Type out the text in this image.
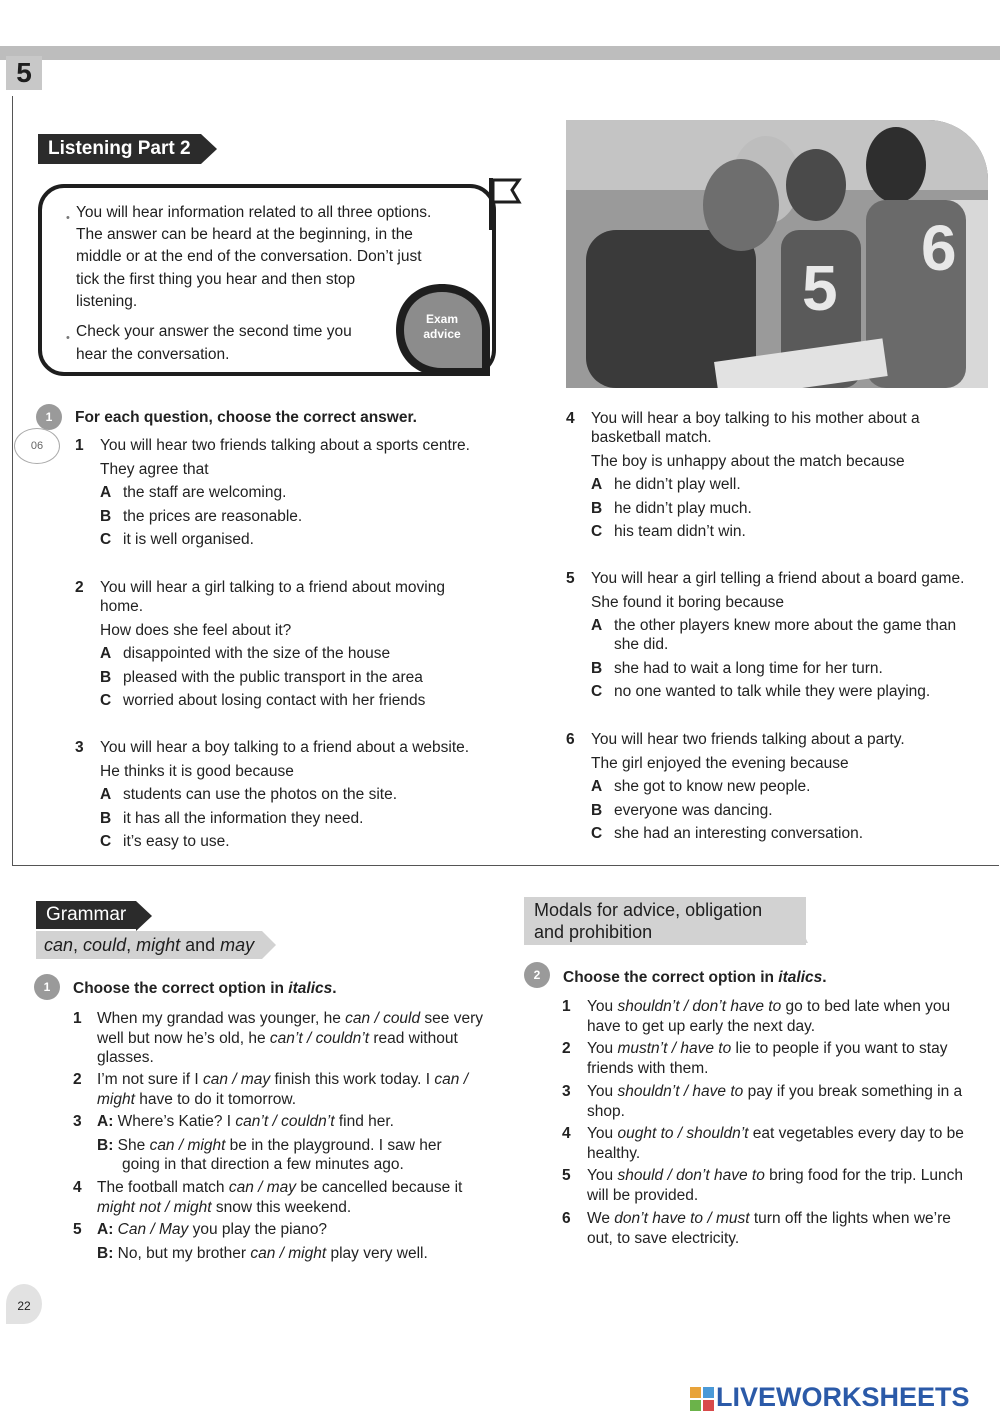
5
Listening Part 2
• You will hear information related to all three options.

The answer can be heard at the beginning, in the

middle or at the end of the conversation. Don’t just

tick the first thing you hear and then stop

listening.

• Check your answer the second time you

hear the conversation.

Exam
advice
5
6
1
06
For each question, choose the correct answer.
1 You will hear two friends talking about a sports centre.
They agree that
A the staff are welcoming.
B the prices are reasonable.
C it is well organised.
2 You will hear a girl talking to a friend about moving
home.
How does she feel about it?
A disappointed with the size of the house
B pleased with the public transport in the area
C worried about losing contact with her friends
3 You will hear a boy talking to a friend about a website.
He thinks it is good because
A students can use the photos on the site.
B it has all the information they need.
C it’s easy to use.
4 You will hear a boy talking to his mother about a
basketball match.
The boy is unhappy about the match because
A he didn’t play well.
B he didn’t play much.
C his team didn’t win.
5 You will hear a girl telling a friend about a board game.
She found it boring because
A the other players knew more about the game than
she did.
B she had to wait a long time for her turn.
C no one wanted to talk while they were playing.
6 You will hear two friends talking about a party.
The girl enjoyed the evening because
A she got to know new people.
B everyone was dancing.
C she had an interesting conversation.
Grammar
can, could, might and may
1	Choose the correct option in italics.
1 When my grandad was younger, he can / could see very
well but now he’s old, he can’t / couldn’t read without
glasses.
2 I’m not sure if I can / may finish this work today. I can /
might have to do it tomorrow.
3 A: Where’s Katie? I can’t / couldn’t find her.
B: She can / might be in the playground. I saw her
going in that direction a few minutes ago.
4 The football match can / may be cancelled because it
might not / might snow this weekend.
5 A: Can / May you play the piano?
B: No, but my brother can / might play very well.
Modals for advice, obligation
and prohibition
2	Choose the correct option in italics.
1 You shouldn’t / don’t have to go to bed late when you
have to get up early the next day.
2 You mustn’t / have to lie to people if you want to stay
friends with them.
3 You shouldn’t / have to pay if you break something in a
shop.
4 You ought to / shouldn’t eat vegetables every day to be
healthy.
5 You should / don’t have to bring food for the trip. Lunch
will be provided.
6 We don’t have to / must turn off the lights when we’re
out, to save electricity.
22
LIVEWORKSHEETS
